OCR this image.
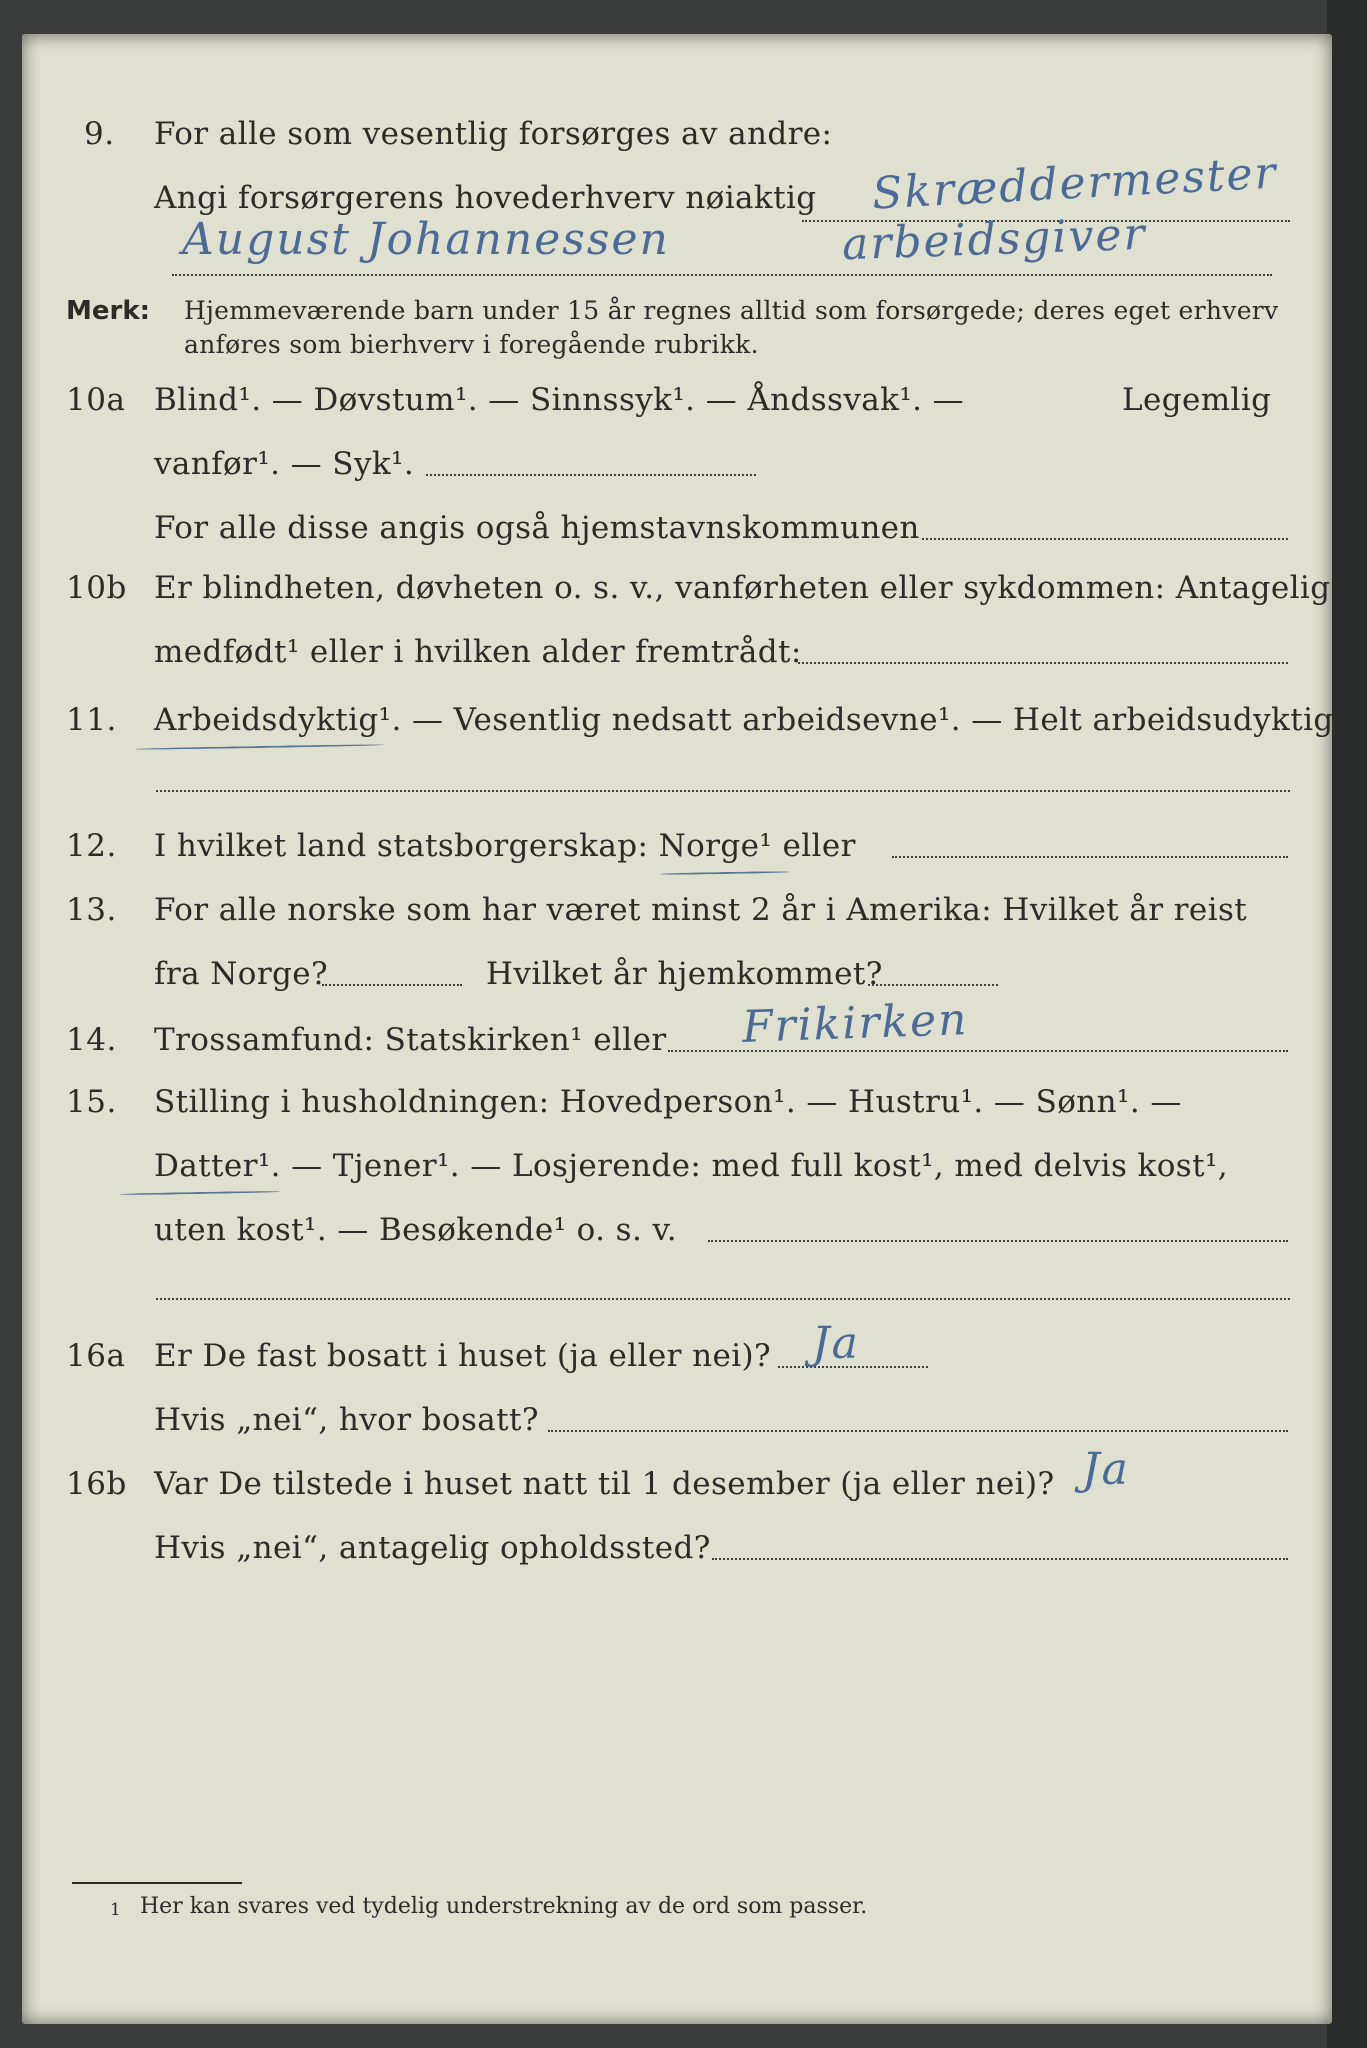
9. For alle som vesentlig forsørges av andre:
Angi forsørgerens hovederhverv nøiaktig Skræddermester
August Johannessen	arbeidsgiver
Merk: Hjemmeværende barn under 15 år regnes alltid som forsørgede; deres eget erhverv
anføres som bierhverv i foregående rubrikk.
10a Blind¹. — Døvstum¹. — Sinnssyk¹. — Åndssvak¹. —	Legemlig
vanfør¹. — Syk¹.
For alle disse angis også hjemstavnskommunen
10b Er blindheten, døvheten o. s. v., vanførheten eller sykdommen: Antagelig
medfødt¹ eller i hvilken alder fremtrådt:
11. Arbeidsdyktig¹. — Vesentlig nedsatt arbeidsevne¹. — Helt arbeidsudyktig¹.
12. I hvilket land statsborgerskap: Norge¹ eller
13. For alle norske som har været minst 2 år i Amerika: Hvilket år reist
fra Norge?	Hvilket år hjemkommet?
14. Trossamfund: Statskirken¹ eller Frikirken
15. Stilling i husholdningen: Hovedperson¹. — Hustru¹. — Sønn¹. —
Datter¹. — Tjener¹. — Losjerende: med full kost¹, med delvis kost¹,
uten kost¹. — Besøkende¹ o. s. v.
16a Er De fast bosatt i huset (ja eller nei)? Ja
Hvis „nei“, hvor bosatt?
16b Var De tilstede i huset natt til 1 desember (ja eller nei)? Ja
Hvis „nei“, antagelig opholdssted?
1 Her kan svares ved tydelig understrekning av de ord som passer.
